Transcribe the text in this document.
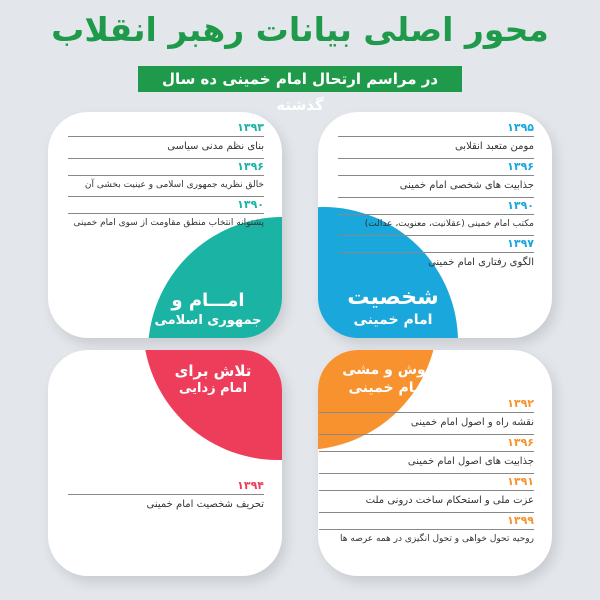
محور اصلی بیانات رهبر انقلاب
در مراسم ارتحال امام خمینی ده سال گذشته
شخصیت
امام خمینی
۱۳۹۵
مومن متعبد انقلابی
۱۳۹۶
جذابیت های شخصی امام خمینی
۱۳۹۰
مکتب امام خمینی (عقلانیت، معنویت، عدالت)
۱۳۹۷
الگوی رفتاری امام خمینی
امـــام و
جمهوری اسلامی
۱۳۹۳
بنای نظم مدنی سیاسی
۱۳۹۶
خالق نظریه جمهوری اسلامی و عینیت بخشی آن
۱۳۹۰
پشتوانه انتخاب منطق مقاومت از سوی امام خمینی
روش و مشی
امام خمینی
۱۳۹۲
نقشه راه و اصول امام خمینی
۱۳۹۶
جذابیت های اصول امام خمینی
۱۳۹۱
عزت ملی و استحکام ساخت درونی ملت
۱۳۹۹
روحیه تحول خواهی و تحول انگیزی در همه عرصه ها
تلاش برای
امام زدایی
۱۳۹۴
تحریف شخصیت امام خمینی
